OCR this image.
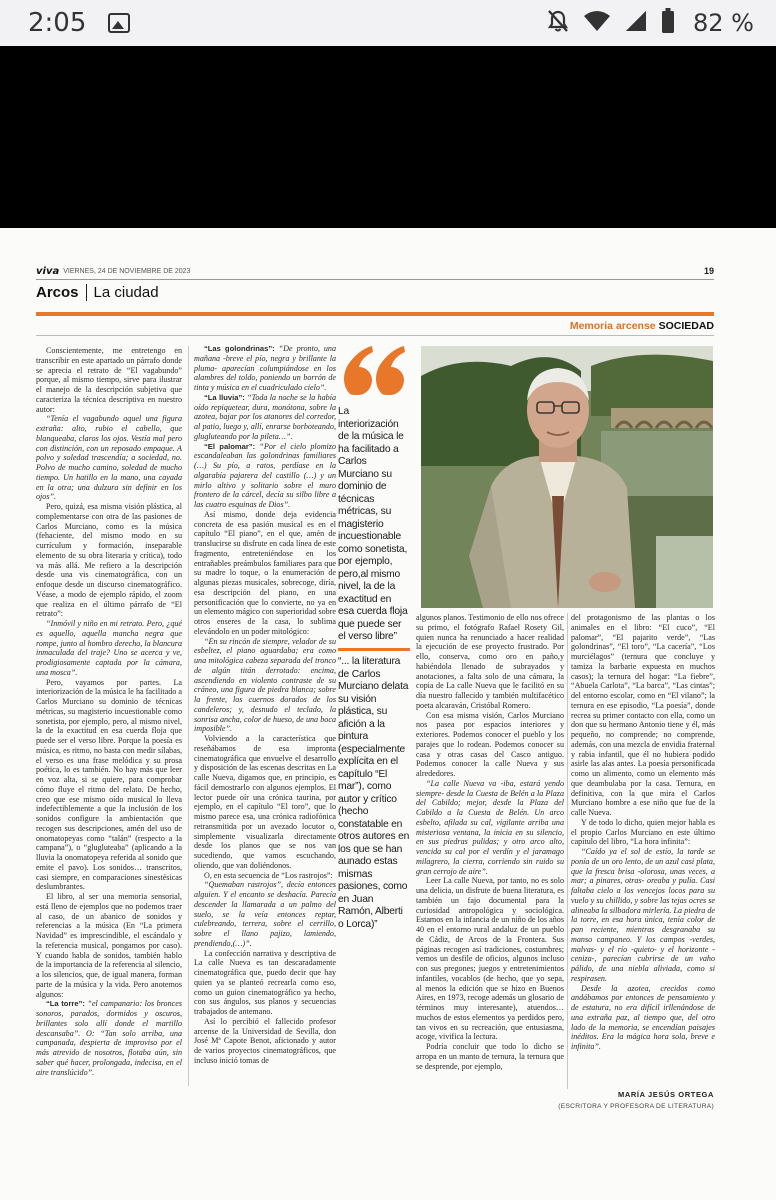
2:05	82 %
viva VIERNES, 24 DE NOVIEMBRE DE 2023	19
Arcos La ciudad
Memoria arcense SOCIEDAD

Conscientemente, me entretengo en transcribir en este apartado un párrafo donde se aprecia el retrato de “El vagabundo” porque, al mismo tiempo, sirve para ilustrar el manejo de la descripción subjetiva que caracteriza la técnica descriptiva en nuestro autor:

“Tenía el vagabundo aquel una figura extraña: alto, rubio el cabello, que blanqueaba, claros los ojos. Vestía mal pero con distinción, con un reposado empaque. A polvo y soledad trascendía; a sociedad, no. Polvo de mucho camino, soledad de mucho tiempo. Un hatillo en la mano, una cayada en la otra; una dulzura sin definir en los ojos”.

Pero, quizá, esa misma visión plástica, al complementarse con otra de las pasiones de Carlos Murciano, como es la música (fehaciente, del mismo modo en su currículum y formación, inseparable elemento de su obra literaria y crítica), todo va más allá. Me refiero a la descripción desde una vis cinematográfica, con un enfoque desde un discurso cinematográfico. Véase, a modo de ejemplo rápido, el zoom que realiza en el último párrafo de “El retrato”:

“Inmóvil y niño en mi retrato. Pero, ¿qué es aquello, aquella mancha negra que rompe, junto al hombro derecho, la blancura inmaculada del traje? Uno se acerca y ve, prodigiosamente captada por la cámara, una mosca”.

Pero, vayamos por partes. La interiorización de la música le ha facilitado a Carlos Murciano su dominio de técnicas métricas, su magisterio incuestionable como sonetista, por ejemplo, pero, al mismo nivel, la de la exactitud en esa cuerda floja que puede ser el verso libre. Porque la poesía es música, es ritmo, no basta con medir sílabas, el verso es una frase melódica y su prosa poética, lo es también. No hay más que leer en voz alta, si se quiere, para comprobar cómo fluye el ritmo del relato. De hecho, creo que ese mismo oído musical lo lleva indefectiblemente a que la inclusión de los sonidos configure la ambientación que recogen sus descripciones, amén del uso de onomatopeyas como “talán” (respecto a la campana”), o “glugluteaba” (aplicando a la lluvia la onomatopeya referida al sonido que emite el pavo). Los sonidos… transcritos, casi siempre, en comparaciones sinestésicas deslumbrantes.

El libro, al ser una memoria sensorial, está lleno de ejemplos que no podemos traer al caso, de un abanico de sonidos y referencias a la música (En “La primera Navidad” es imprescindible, el escándalo y la referencia musical, pongamos por caso). Y cuando habla de sonidos, también hablo de la importancia de la referencia al silencio, a los silencios, que, de igual manera, forman parte de la música y la vida. Pero anotemos algunos:

“La torre”: “el campanario: los bronces sonoros, parados, dormidos y oscuros, brillantes solo allí donde el martillo descansaba”. O: “Tan solo arriba, una campanada, despierta de improviso por el más atrevido de nosotros, flotaba aún, sin saber qué hacer, prolongada, indecisa, en el aire translúcido”.

“Las golondrinas”: “De pronto, una mañana -breve el pío, negra y brillante la pluma- aparecían columpiándose en los alambres del toldo, poniendo un borrón de tinta y música en el cuadriculado cielo”.

“La lluvia”: “Toda la noche se la había oído repiquetear, dura, monótona, sobre la azotea, bajar por los atanores del corredor, al patio, luego y, allí, enrarse borboteando, glugluteando por la pileta…”.

“El palomar”: “Por el cielo plomizo escandaleaban las golondrinas familiares (…) Su pío, a ratos, perdíase en la algarabía pajarera del castillo (…) y un mirlo altivo y solitario sobre el muro frontero de la cárcel, decía su silbo libre a las cuatro esquinas de Dios”.

Así mismo, donde deja evidencia concreta de esa pasión musical es en el capítulo “El piano”, en el que, amén de translucirse su disfrute en cada línea de este fragmento, entreteniéndose en los entrañables preámbulos familiares para que su madre lo toque, o la enumeración de algunas piezas musicales, sobrecoge, diría, esa descripción del piano, en una personificación que lo convierte, no ya en un elemento mágico con superioridad sobre otros enseres de la casa, lo sublima elevándolo en un poder mitológico:

“En su rincón de siempre, velador de su esbeltez, el piano aguardaba; era como una mitológica cabeza separada del tronco de algún titán derrotado: encima, ascendiendo en violento contraste de su cráneo, una figura de piedra blanca; sobre la frente, los cuernos dorados de los candeleros; y, desnudo el teclado, la sonrisa ancha, color de hueso, de una boca imposible”.

Volviendo a la característica que reseñábamos de esa impronta cinematográfica que envuelve el desarrollo y disposición de las escenas descritas en La calle Nueva, digamos que, en principio, es fácil demostrarlo con algunos ejemplos. El lector puede oír una crónica taurina, por ejemplo, en el capítulo “El toro”, que lo mismo parece esa, una crónica radiofónica retransmitida por un avezado locutor o, simplemente visualizarla directamente desde los planos que se nos van sucediendo, que vamos escuchando, oliendo, que van doliéndonos.

O, en esta secuencia de “Los rastrojos”:

“Quemaban rastrojos”, decía entonces alguien. Y el encanto se deshacía. Parecía descender la llamarada a un palmo del suelo, se la veía entonces reptar, culebreando, terrera, sobre el cerrillo, sobre el llano pajizo, lamiendo, prendiendo,(…)”.

La confección narrativa y descriptiva de La calle Nueva es tan descaradamente cinematográfica que, puedo decir que hay quien ya se planteó recrearla como eso, como un guion cinematográfico ya hecho, con sus ángulos, sus planos y secuencias trabajados de antemano.

Así lo percibió el fallecido profesor arcense de la Universidad de Sevilla, don José Mª Capote Benot, aficionado y autor de varios proyectos cinematográficos, que incluso inició tomas de

La interiorización de la música le ha facilitado a Carlos Murciano su dominio de técnicas métricas, su magisterio incuestionable como sonetista, por ejemplo, pero,al mismo nivel, la de la exactitud en esa cuerda floja que puede ser el verso libre”
“... la literatura de Carlos Murciano delata su visión plástica, su afición a la pintura (especialmente explícita en el capítulo “El mar”), como autor y crítico (hecho constatable en otros autores en los que se han aunado estas mismas pasiones, como en Juan Ramón, Alberti o Lorca)”

algunos planos. Testimonio de ello nos ofrece su primo, el fotógrafo Rafael Rosety Gil, quien nunca ha renunciado a hacer realidad la ejecución de ese proyecto frustrado. Por ello, conserva, como oro en paño,y habiéndola llenado de subrayados y anotaciones, a falta solo de una cámara, la copia de La calle Nueva que le facilitó en su día nuestro fallecido y también multifacético poeta alcaraván, Cristóbal Romero.

Con esa misma visión, Carlos Murciano nos pasea por espacios interiores y exteriores. Podemos conocer el pueblo y los parajes que lo rodean. Podemos conocer su casa y otras casas del Casco antiguo. Podemos conocer la calle Nueva y sus alrededores.

“La calle Nueva va -iba, estará yendo siempre- desde la Cuesta de Belén a la Plaza del Cabildo; mejor, desde la Plaza del Cabildo a la Cuesta de Belén. Un arco esbelto, afilada su cal, vigilante arriba una misteriosa ventana, la inicia en su silencio, en sus piedras pulidas; y otro arco alto, vencida su cal por el verdín y el jaramago milagrero, la cierra, corriendo sin ruido su gran cerrojo de aire”.

Leer La calle Nueva, por tanto, no es solo una delicia, un disfrute de buena literatura, es también un fajo documental para la curiosidad antropológica y sociológica. Estamos en la infancia de un niño de los años 40 en el entorno rural andaluz de un pueblo de Cádiz, de Arcos de la Frontera. Sus páginas recogen así tradiciones, costumbres; vemos un desfile de oficios, algunos incluso con sus pregones; juegos y entretenimientos infantiles, vocablos (de hecho, que yo sepa, al menos la edición que se hizo en Buenos Aires, en 1973, recoge además un glosario de términos muy interesante), atuendos… muchos de estos elementos ya perdidos pero, tan vivos en su recreación, que entusiasma, acoge, vivifica la lectura.

Podría concluir que todo lo dicho se arropa en un manto de ternura, la ternura que se desprende, por ejemplo,

del protagonismo de las plantas o los animales en el libro: “El cuco”, “El palomar”, “El pajarito verde”, “Las golondrinas”, “El toro”, “La cacería”, “Los murciélagos” (ternura que concluye y tamiza la barbarie expuesta en muchos casos); la ternura del hogar: “La fiebre”, “Abuela Carlota”, “La barca”, “Las cintas”; del entorno escolar, como en “El vilano”; la ternura en ese episodio, “La poesía”, donde recrea su primer contacto con ella, como un don que su hermano Antonio tiene y él, más pequeño, no comprende; no comprende, además, con una mezcla de envidia fraternal y rabia infantil, que él no hubiera podido asirle las alas antes. La poesía personificada como un alimento, como un elemento más que deambulaba por la casa. Ternura, en definitiva, con la que mira el Carlos Murciano hombre a ese niño que fue de la calle Nueva.

Y de todo lo dicho, quien mejor habla es el propio Carlos Murciano en este último capítulo del libro, “La hora infinita”:

“Caído ya el sol de estío, la tarde se ponía de un oro lento, de un azul casi plata, que la fresca brisa -olorosa, unas veces, a mar; a pinares, otras- oreaba y pulía. Casi faltaba cielo a los vencejos locos para su vuelo y su chillido, y sobre las tejas ocres se alineaba la silbadora mirlería. La piedra de la torre, en esa hora única, tenía color de pan reciente, mientras desgranaba su manso campaneo. Y los campos -verdes, malvas- y el río -quieto- y el horizonte -ceniza-, parecían cubrirse de un vaho pálido, de una niebla aliviada, como si respirasen.

Desde la azotea, crecidos como andábamos por entonces de pensamiento y de estatura, no era difícil irllenándose de una extraña paz, al tiempo que, del otro lado de la memoria, se encendían paisajes inéditos. Era la mágica hora sola, breve e infinita”.

MARÍA JESÚS ORTEGA
(ESCRITORA Y PROFESORA DE LITERATURA)
